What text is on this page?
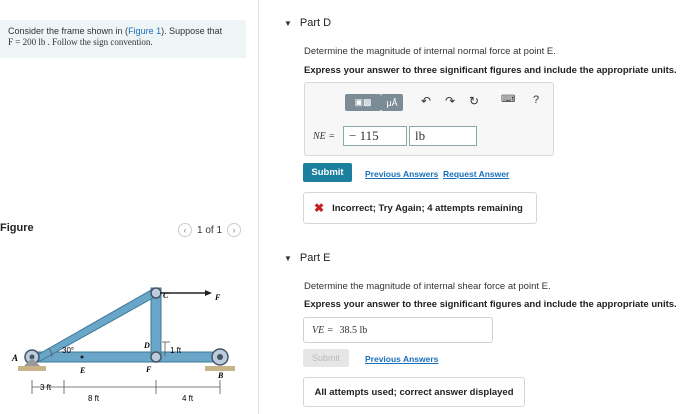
Consider the frame shown in (Figure 1). Suppose that
F = 200 lb . Follow the sign convention.
Figure	‹	1 of 1	›
A
B
C
D
E	F
F
30°
3 ft
8 ft	4 ft
1 ft
▼ Part D
Determine the magnitude of internal normal force at point E.
Express your answer to three significant figures and include the appropriate units.
▣▩	μÅ	↶ ↷ ↻ ⌨ ?
NE =	− 115	lb
Submit	Previous Answers Request Answer
✖ Incorrect; Try Again; 4 attempts remaining
▼ Part E
Determine the magnitude of internal shear force at point E.
Express your answer to three significant figures and include the appropriate units.
VE = 38.5 lb
Submit	Previous Answers
All attempts used; correct answer displayed
